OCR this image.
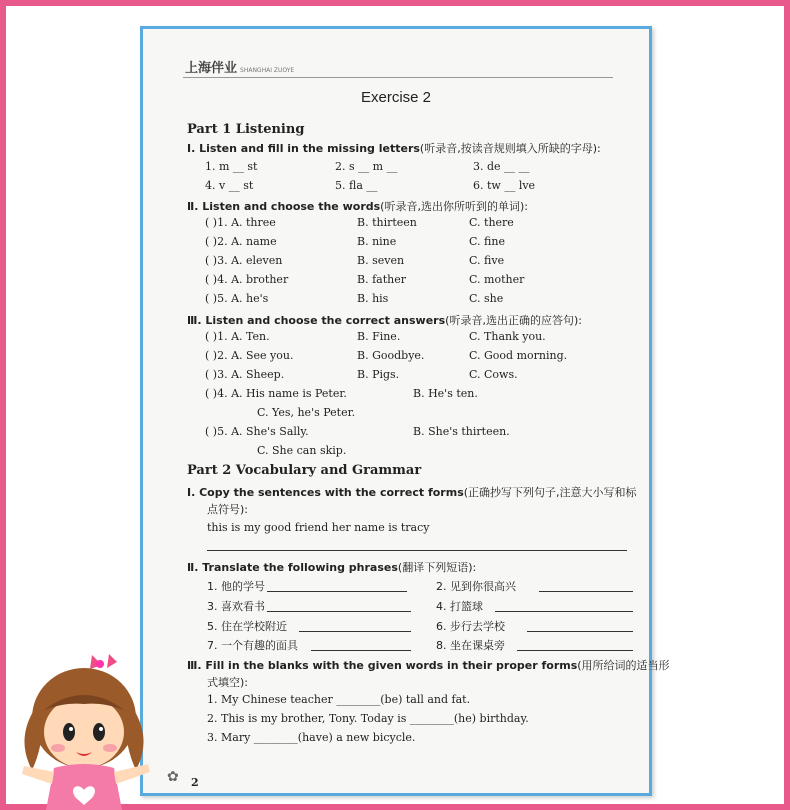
上海伴业 SHANGHAI ZUOYE
Exercise 2
Part 1 Listening
Ⅰ. Listen and fill in the missing letters(听录音,按读音规则填入所缺的字母):
1. m __ st	2. s __ m __	3. de __ __
4. v __ st	5. fla __	6. tw __ lve
Ⅱ. Listen and choose the words(听录音,选出你所听到的单词):
( )1. A. three	B. thirteen	C. there
( )2. A. name	B. nine	C. fine
( )3. A. eleven	B. seven	C. five
( )4. A. brother	B. father	C. mother
( )5. A. he's	B. his	C. she
Ⅲ. Listen and choose the correct answers(听录音,选出正确的应答句):
( )1. A. Ten.	B. Fine.	C. Thank you.
( )2. A. See you.	B. Goodbye.	C. Good morning.
( )3. A. Sheep.	B. Pigs.	C. Cows.
( )4. A. His name is Peter.	B. He's ten.
C. Yes, he's Peter.
( )5. A. She's Sally.	B. She's thirteen.
C. She can skip.
Part 2 Vocabulary and Grammar
Ⅰ. Copy the sentences with the correct forms(正确抄写下列句子,注意大小写和标
点符号):
this is my good friend her name is tracy
Ⅱ. Translate the following phrases(翻译下列短语):
1. 他的学号	2. 见到你很高兴
3. 喜欢看书	4. 打篮球
5. 住在学校附近	6. 步行去学校
7. 一个有趣的面具	8. 坐在课桌旁
Ⅲ. Fill in the blanks with the given words in their proper forms(用所给词的适当形
式填空):
1. My Chinese teacher ________(be) tall and fat.
2. This is my brother, Tony. Today is ________(he) birthday.
3. Mary ________(have) a new bicycle.
✿ 2
